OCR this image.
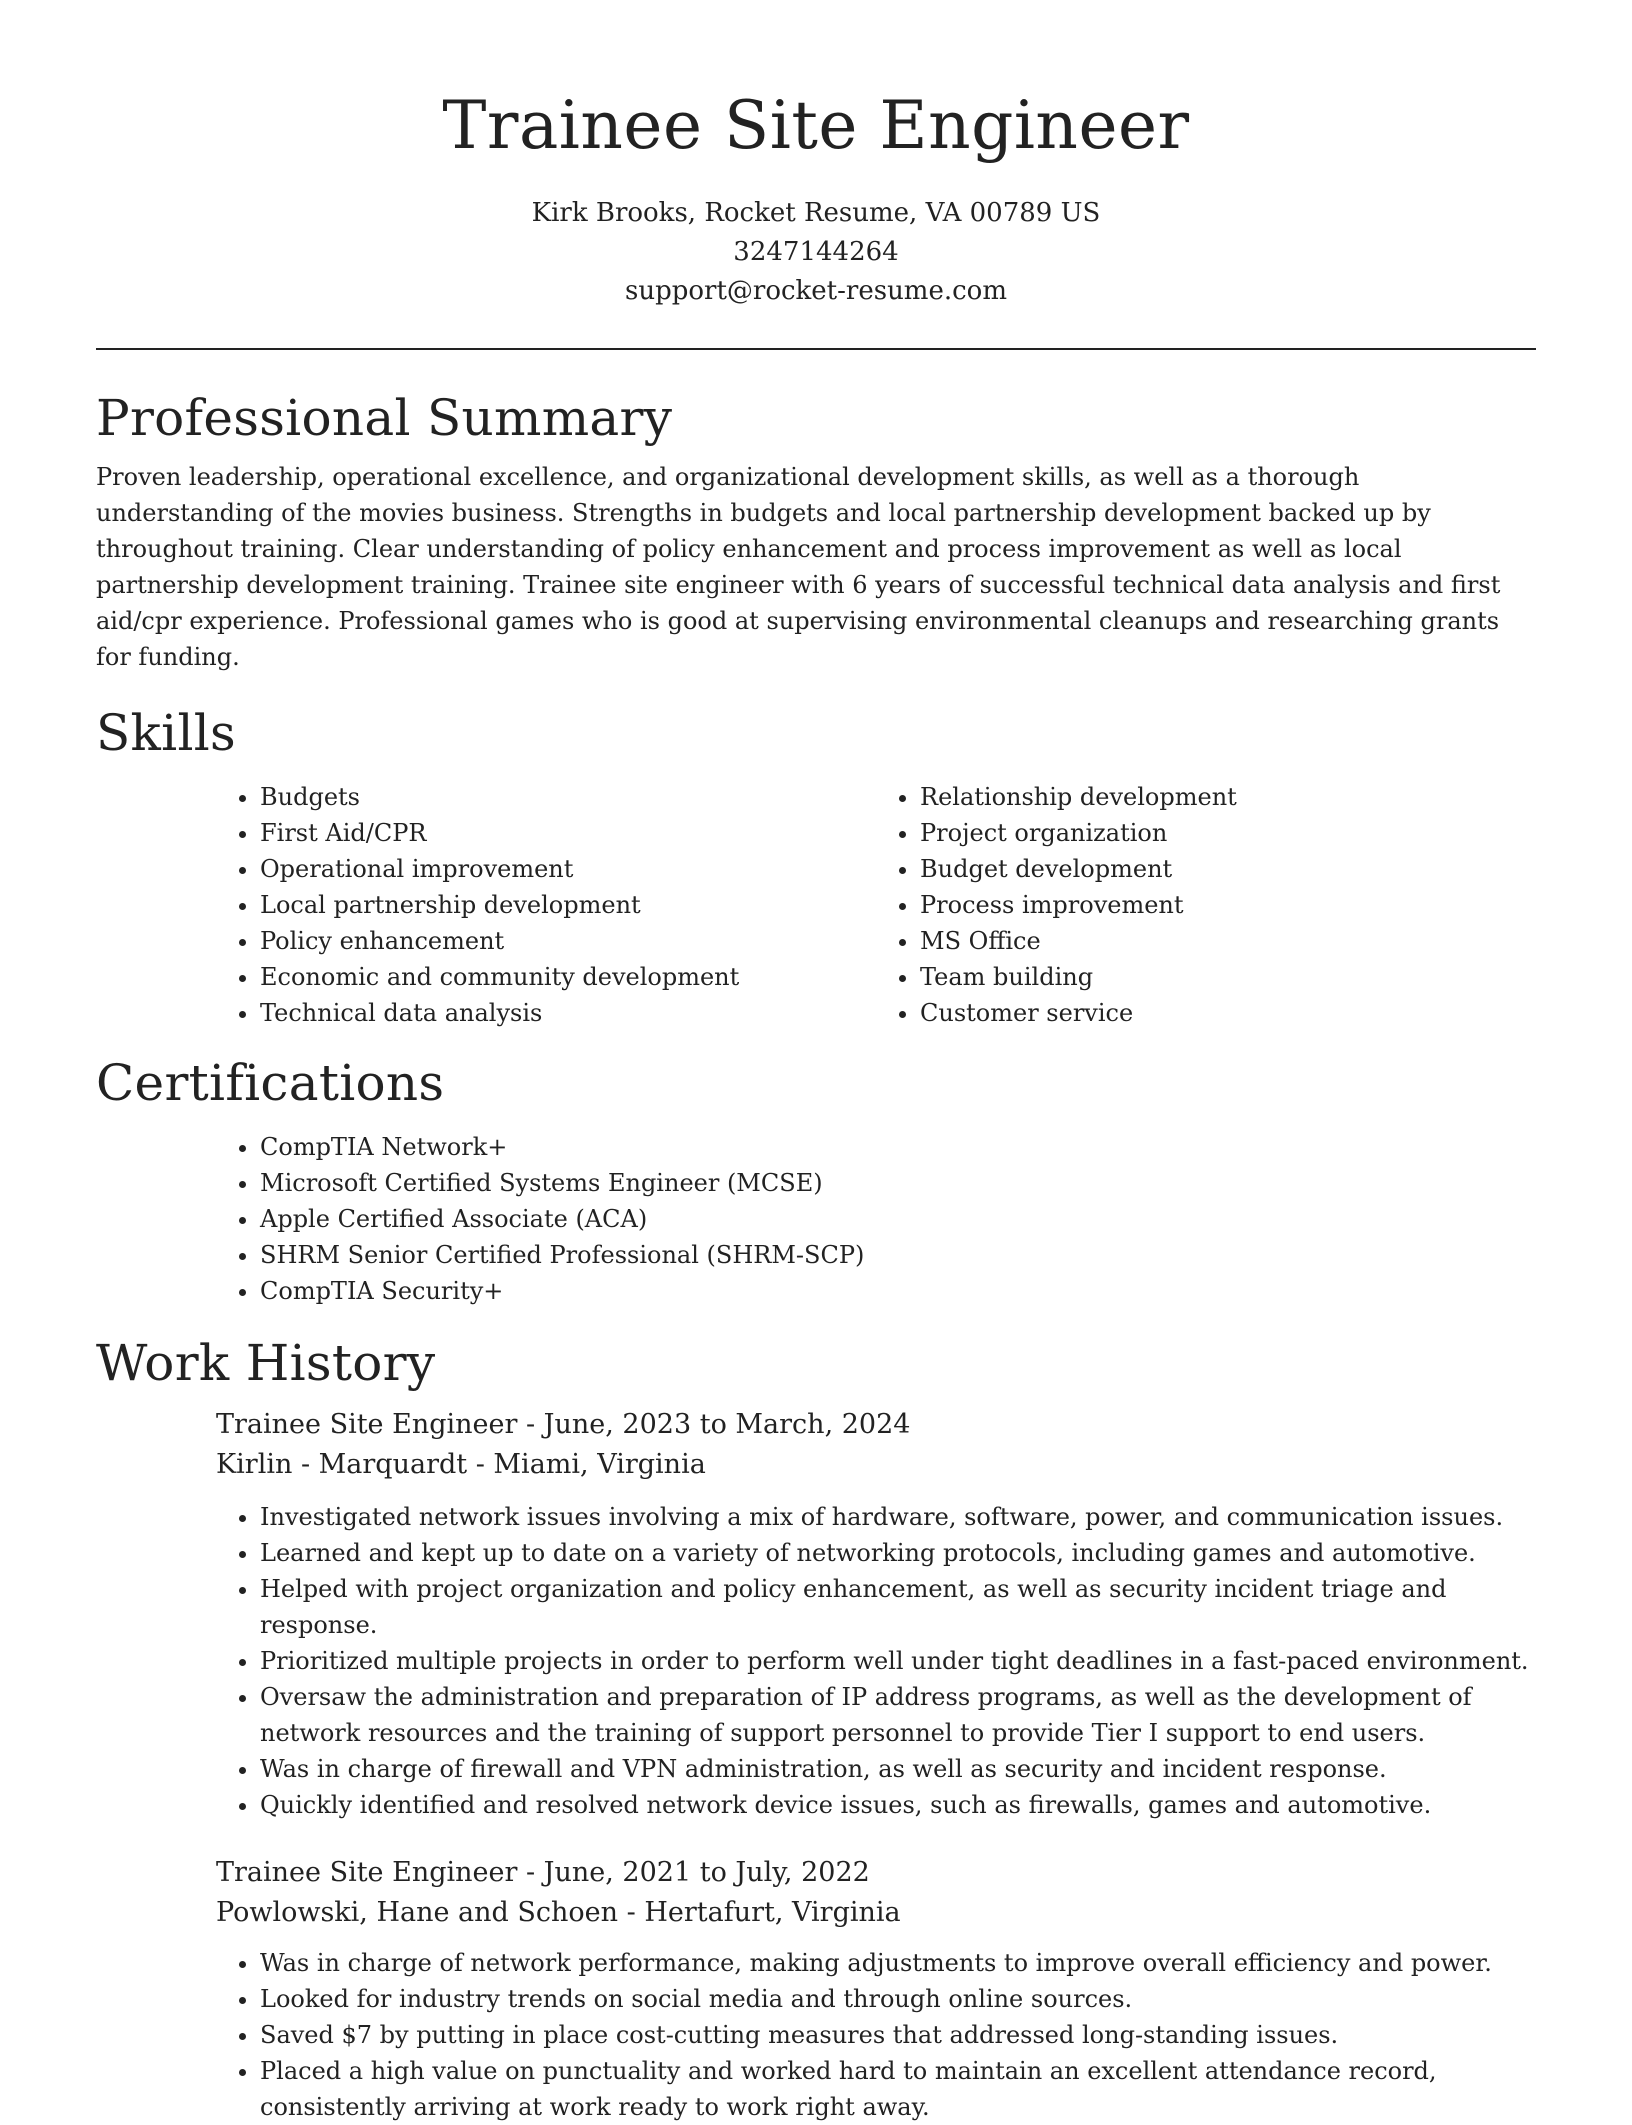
Trainee Site Engineer
Kirk Brooks, Rocket Resume, VA 00789 US
3247144264
support@rocket-resume.com
Professional Summary

Proven leadership, operational excellence, and organizational development skills, as well as a thorough understanding of the movies business. Strengths in budgets and local partnership development backed up by throughout training. Clear understanding of policy enhancement and process improvement as well as local partnership development training. Trainee site engineer with 6 years of successful technical data analysis and first aid/cpr experience. Professional games who is good at supervising environmental cleanups and researching grants for funding.

Skills
• Budgets
• First Aid/CPR
• Operational improvement
• Local partnership development
• Policy enhancement
• Economic and community development
• Technical data analysis
• Relationship development
• Project organization
• Budget development
• Process improvement
• MS Office
• Team building
• Customer service
Certifications
• CompTIA Network+
• Microsoft Certified Systems Engineer (MCSE)
• Apple Certified Associate (ACA)
• SHRM Senior Certified Professional (SHRM-SCP)
• CompTIA Security+
Work History
Trainee Site Engineer - June, 2023 to March, 2024
Kirlin - Marquardt - Miami, Virginia
• Investigated network issues involving a mix of hardware, software, power, and communication issues.
• Learned and kept up to date on a variety of networking protocols, including games and automotive.
• Helped with project organization and policy enhancement, as well as security incident triage and response.
• Prioritized multiple projects in order to perform well under tight deadlines in a fast-paced environment.
• Oversaw the administration and preparation of IP address programs, as well as the development of network resources and the training of support personnel to provide Tier I support to end users.
• Was in charge of firewall and VPN administration, as well as security and incident response.
• Quickly identified and resolved network device issues, such as firewalls, games and automotive.
Trainee Site Engineer - June, 2021 to July, 2022
Powlowski, Hane and Schoen - Hertafurt, Virginia
• Was in charge of network performance, making adjustments to improve overall efficiency and power.
• Looked for industry trends on social media and through online sources.
• Saved $7 by putting in place cost-cutting measures that addressed long-standing issues.
• Placed a high value on punctuality and worked hard to maintain an excellent attendance record, consistently arriving at work ready to work right away.
